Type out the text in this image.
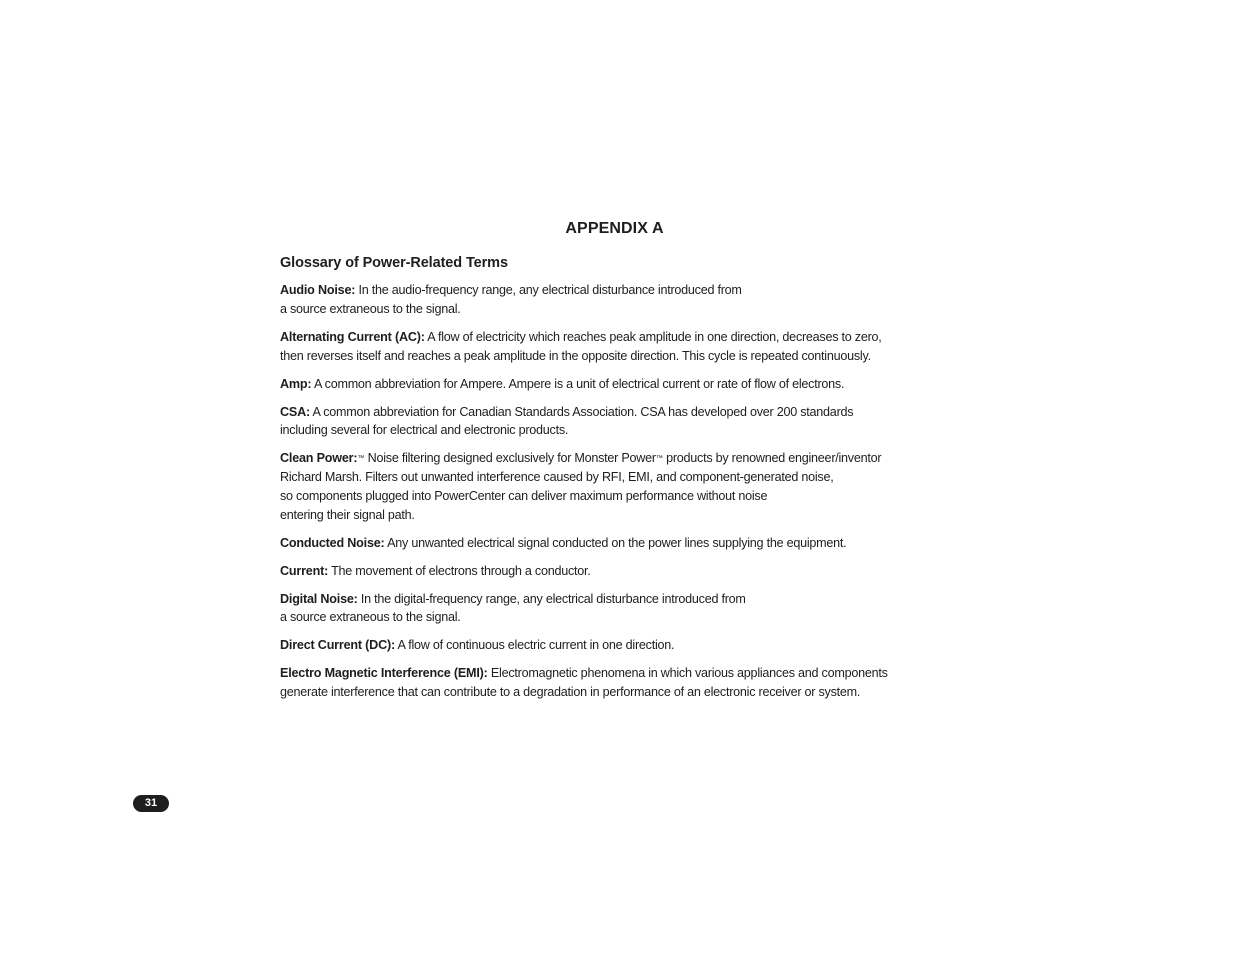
APPENDIX A
Glossary of Power-Related Terms
Audio Noise: In the audio-frequency range, any electrical disturbance introduced from
a source extraneous to the signal.
Alternating Current (AC): A flow of electricity which reaches peak amplitude in one direction, decreases to zero,
then reverses itself and reaches a peak amplitude in the opposite direction. This cycle is repeated continuously.
Amp: A common abbreviation for Ampere. Ampere is a unit of electrical current or rate of flow of electrons.
CSA: A common abbreviation for Canadian Standards Association. CSA has developed over 200 standards
including several for electrical and electronic products.
Clean Power:™ Noise filtering designed exclusively for Monster Power™ products by renowned engineer/inventor
Richard Marsh. Filters out unwanted interference caused by RFI, EMI, and component-generated noise,
so components plugged into PowerCenter can deliver maximum performance without noise
entering their signal path.
Conducted Noise: Any unwanted electrical signal conducted on the power lines supplying the equipment.
Current: The movement of electrons through a conductor.
Digital Noise: In the digital-frequency range, any electrical disturbance introduced from
a source extraneous to the signal.
Direct Current (DC): A flow of continuous electric current in one direction.
Electro Magnetic Interference (EMI): Electromagnetic phenomena in which various appliances and components
generate interference that can contribute to a degradation in performance of an electronic receiver or system.
31
